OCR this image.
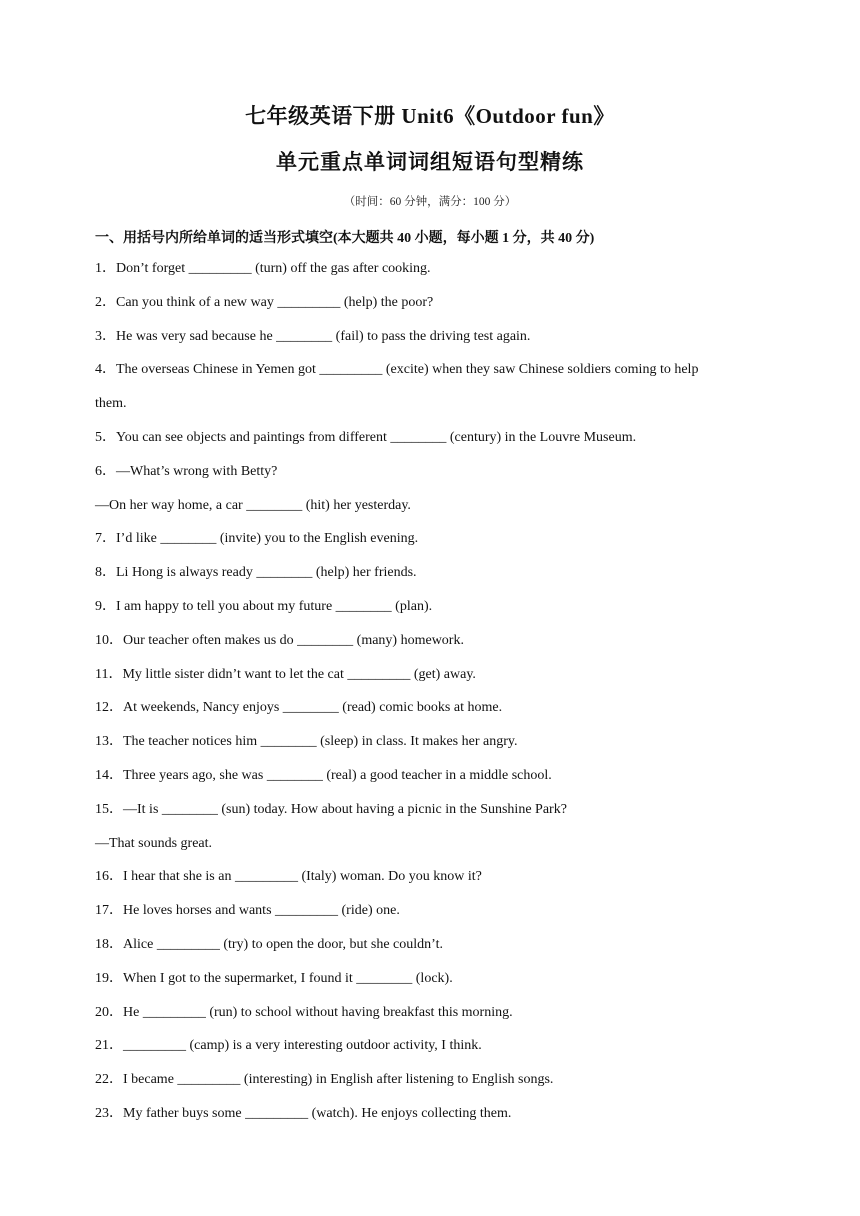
七年级英语下册 Unit6《Outdoor fun》
单元重点单词词组短语句型精练
（时间：60 分钟，满分：100 分）
一、用括号内所给单词的适当形式填空(本大题共 40 小题，每小题 1 分，共 40 分)
1．Don’t forget _________ (turn) off the gas after cooking.
2．Can you think of a new way _________ (help) the poor?
3．He was very sad because he ________ (fail) to pass the driving test again.
4．The overseas Chinese in Yemen got _________ (excite) when they saw Chinese soldiers coming to help
them.
5．You can see objects and paintings from different ________ (century) in the Louvre Museum.
6．—What’s wrong with Betty?
—On her way home, a car ________ (hit) her yesterday.
7．I’d like ________ (invite) you to the English evening.
8．Li Hong is always ready ________ (help) her friends.
9．I am happy to tell you about my future ________ (plan).
10．Our teacher often makes us do ________ (many) homework.
11．My little sister didn’t want to let the cat _________ (get) away.
12．At weekends, Nancy enjoys ________ (read) comic books at home.
13．The teacher notices him ________ (sleep) in class. It makes her angry.
14．Three years ago, she was ________ (real) a good teacher in a middle school.
15．—It is ________ (sun) today. How about having a picnic in the Sunshine Park?
—That sounds great.
16．I hear that she is an _________ (Italy) woman. Do you know it?
17．He loves horses and wants _________ (ride) one.
18．Alice _________ (try) to open the door, but she couldn’t.
19．When I got to the supermarket, I found it ________ (lock).
20．He _________ (run) to school without having breakfast this morning.
21．_________ (camp) is a very interesting outdoor activity, I think.
22．I became _________ (interesting) in English after listening to English songs.
23．My father buys some _________ (watch). He enjoys collecting them.
